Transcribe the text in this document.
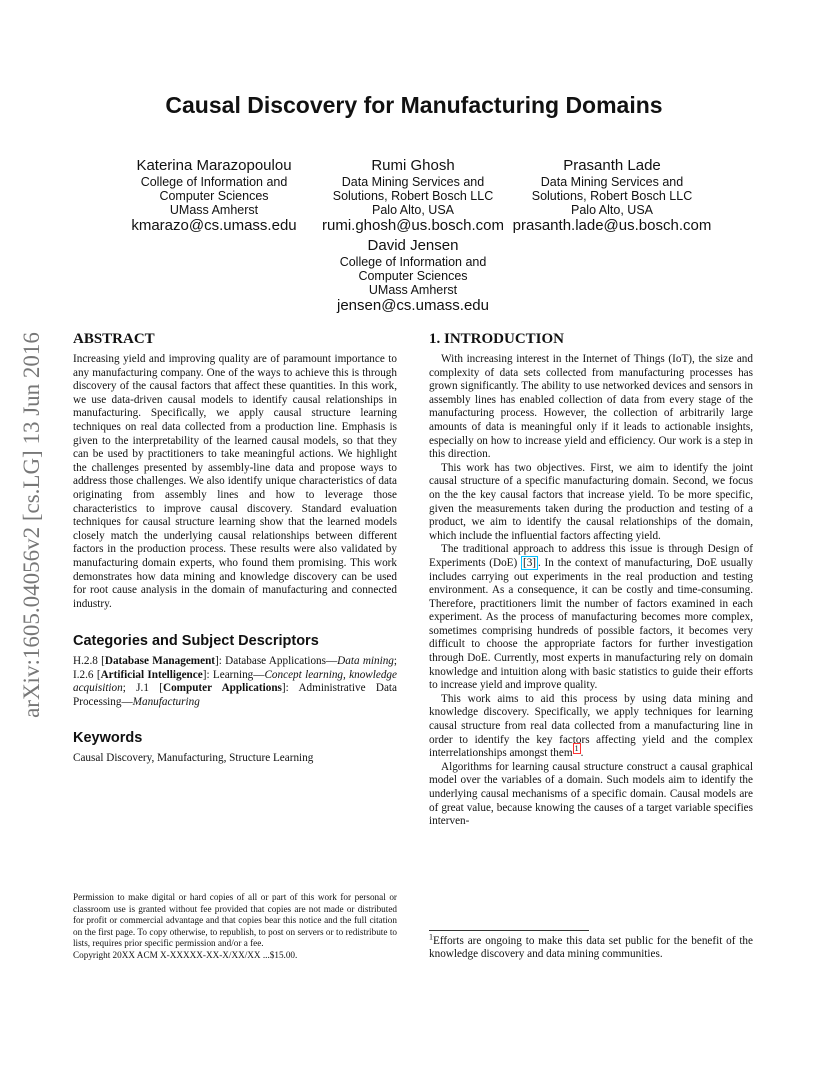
arXiv:1605.04056v2 [cs.LG] 13 Jun 2016
Causal Discovery for Manufacturing Domains
Katerina Marazopoulou
College of Information and
Computer Sciences
UMass Amherst
kmarazo@cs.umass.edu
Rumi Ghosh
Data Mining Services and
Solutions, Robert Bosch LLC
Palo Alto, USA
rumi.ghosh@us.bosch.com
Prasanth Lade
Data Mining Services and
Solutions, Robert Bosch LLC
Palo Alto, USA
prasanth.lade@us.bosch.com
David Jensen
College of Information and
Computer Sciences
UMass Amherst
jensen@cs.umass.edu
ABSTRACT

Increasing yield and improving quality are of paramount importance to any manufacturing company. One of the ways to achieve this is through discovery of the causal factors that affect these quantities. In this work, we use data-driven causal models to identify causal relationships in manufacturing. Specifically, we apply causal structure learning techniques on real data collected from a production line. Emphasis is given to the interpretability of the learned causal models, so that they can be used by practitioners to take meaningful actions. We highlight the challenges presented by assembly-line data and propose ways to address those challenges. We also identify unique characteristics of data originating from assembly lines and how to leverage those characteristics to improve causal discovery. Standard evaluation techniques for causal structure learning show that the learned models closely match the underlying causal relationships between different factors in the production process. These results were also validated by manufacturing domain experts, who found them promising. This work demonstrates how data mining and knowledge discovery can be used for root cause analysis in the domain of manufacturing and connected industry.

Categories and Subject Descriptors

H.2.8 [Database Management]: Database Applications—Data mining; I.2.6 [Artificial Intelligence]: Learning—Concept learning, knowledge acquisition; J.1 [Computer Applications]: Administrative Data Processing—Manufacturing

Keywords

Causal Discovery, Manufacturing, Structure Learning

Permission to make digital or hard copies of all or part of this work for personal or classroom use is granted without fee provided that copies are not made or distributed for profit or commercial advantage and that copies bear this notice and the full citation on the first page. To copy otherwise, to republish, to post on servers or to redistribute to lists, requires prior specific permission and/or a fee.
Copyright 20XX ACM X-XXXXX-XX-X/XX/XX ...$15.00.
1. INTRODUCTION

With increasing interest in the Internet of Things (IoT), the size and complexity of data sets collected from manufacturing processes has grown significantly. The ability to use networked devices and sensors in assembly lines has enabled collection of data from every stage of the manufacturing process. However, the collection of arbitrarily large amounts of data is meaningful only if it leads to actionable insights, especially on how to increase yield and efficiency. Our work is a step in this direction.

This work has two objectives. First, we aim to identify the joint causal structure of a specific manufacturing domain. Second, we focus on the the key causal factors that increase yield. To be more specific, given the measurements taken during the production and testing of a product, we aim to identify the causal relationships of the domain, which include the influential factors affecting yield.

The traditional approach to address this issue is through Design of Experiments (DoE) [3] . In the context of manufacturing, DoE usually includes carrying out experiments in the real production and testing environment. As a consequence, it can be costly and time-consuming. Therefore, practitioners limit the number of factors examined in each experiment. As the process of manufacturing becomes more complex, sometimes comprising hundreds of possible factors, it becomes very difficult to choose the appropriate factors for further investigation through DoE. Currently, most experts in manufacturing rely on domain knowledge and intuition along with basic statistics to guide their efforts to increase yield and improve quality.

This work aims to aid this process by using data mining and knowledge discovery. Specifically, we apply techniques for learning causal structure from real data collected from a manufacturing line in order to identify the key factors affecting yield and the complex interrelationships amongst them $^1$ .

Algorithms for learning causal structure construct a causal graphical model over the variables of a domain. Such models aim to identify the underlying causal mechanisms of a specific domain. Causal models are of great value, because knowing the causes of a target variable specifies interven-

$^1$Efforts are ongoing to make this data set public for the benefit of the knowledge discovery and data mining communities.
